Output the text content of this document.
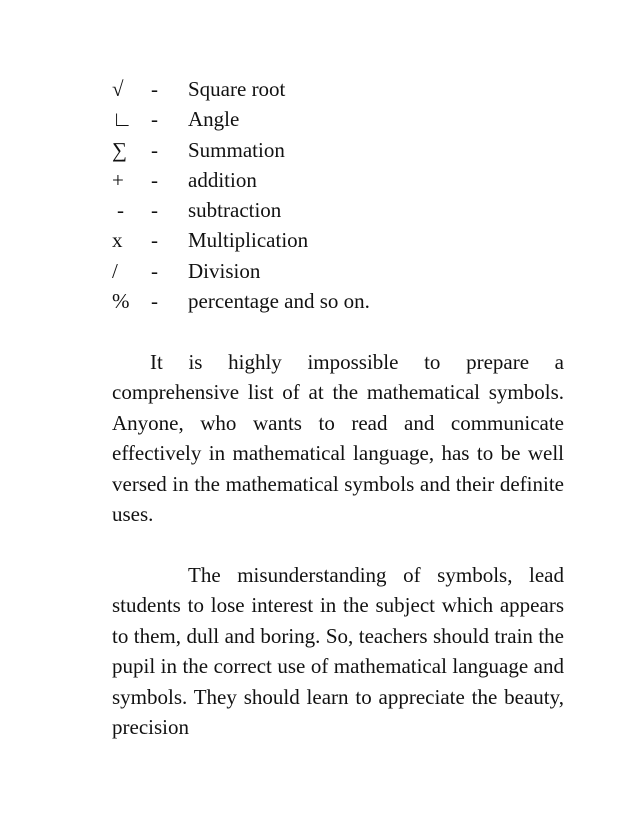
√	- Square root
∟ - Angle
∑	- Summation
+	- addition
-	- subtraction
x	- Multiplication
/	- Division
%	- percentage and so on.

It is highly impossible to prepare a comprehensive list of at the mathematical symbols. Anyone, who wants to read and communicate effectively in mathematical language, has to be well versed in the mathematical symbols and their definite uses.

The misunderstanding of symbols, lead students to lose interest in the subject which appears to them, dull and boring. So, teachers should train the pupil in the correct use of mathematical language and symbols. They should learn to appreciate the beauty, precision
